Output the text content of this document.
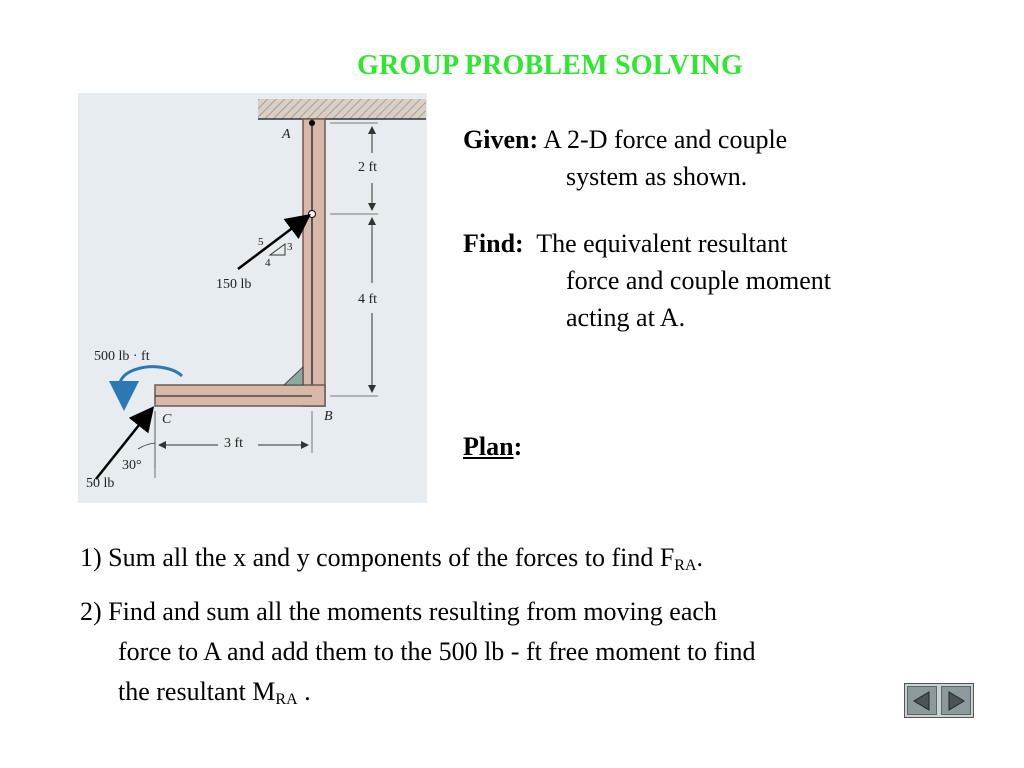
GROUP PROBLEM SOLVING
A
2 ft
5 3
4
150 lb
4 ft
500 lb · ft
C	B
3 ft
30°
50 lb
Given: A 2-D force and couple
system as shown.
Find: The equivalent resultant
force and couple moment
acting at A.
Plan:
1) Sum all the x and y components of the forces to find $F_{RA}$.
2) Find and sum all the moments resulting from moving each
force to A and add them to the 500 lb - ft free moment to find
the resultant $M_{RA}$ .
